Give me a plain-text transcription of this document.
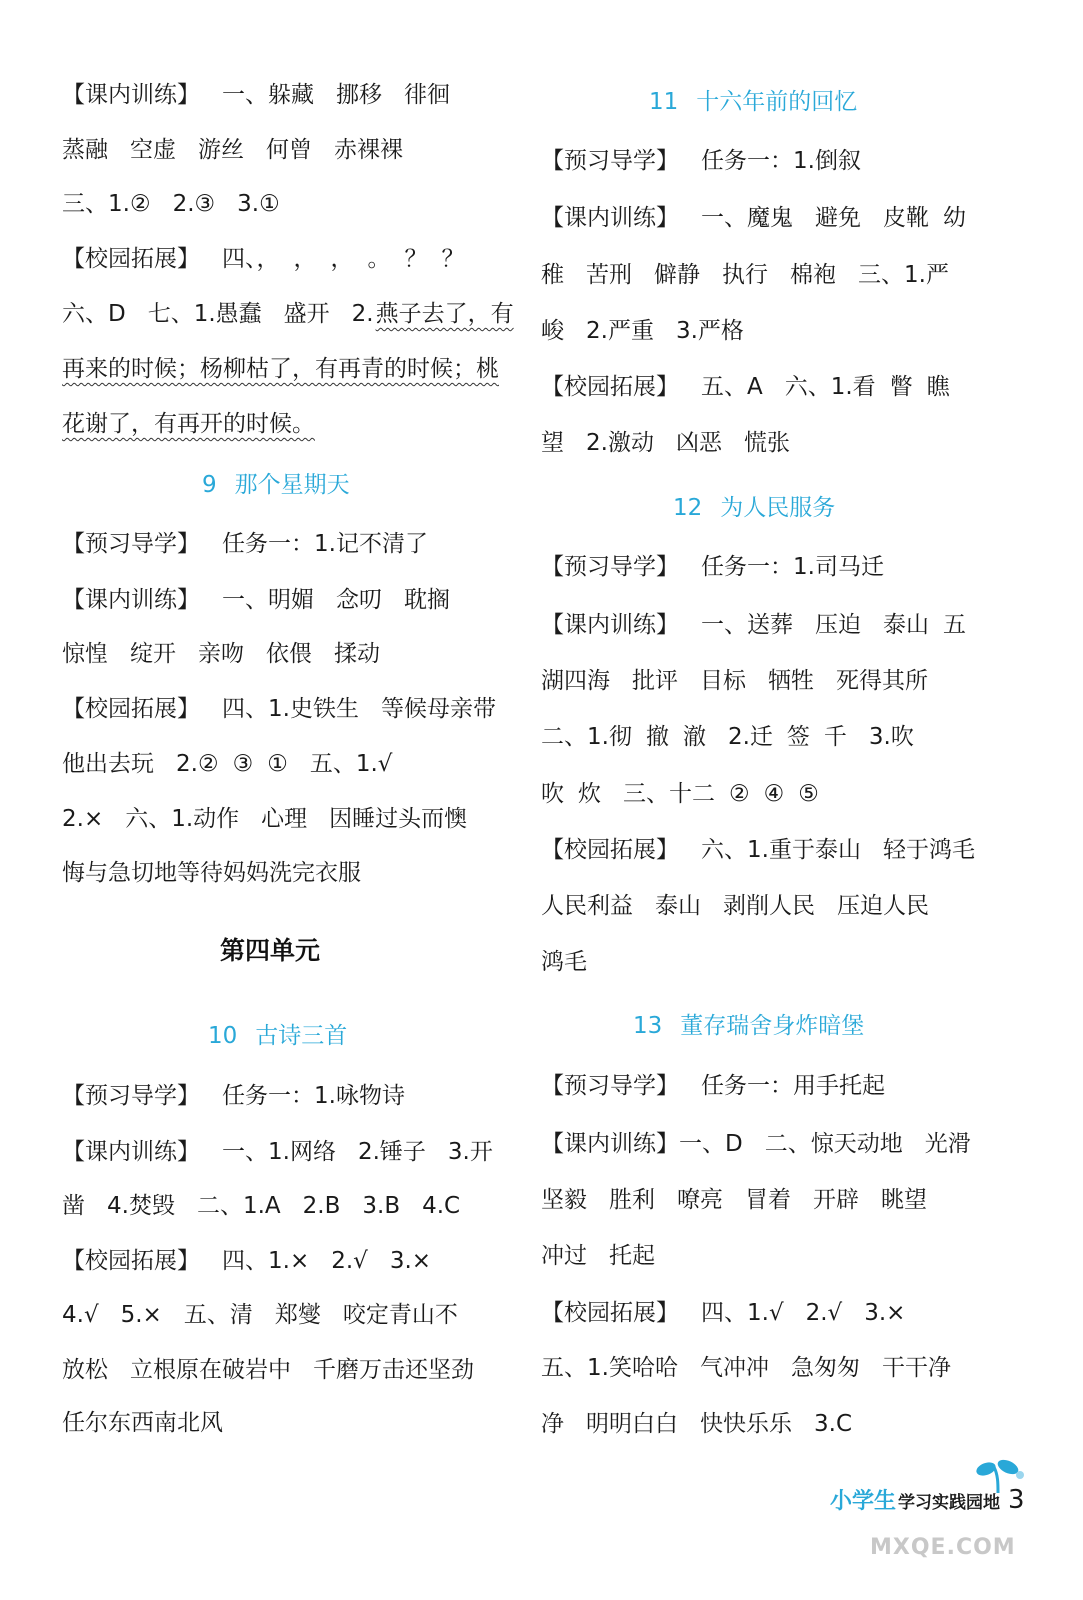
【课内训练】 一、躲藏 挪移 徘徊
蒸融 空虚 游丝 何曾 赤裸裸
三、1.② 2.③ 3.①
【校园拓展】 四、， ， ， 。 ？ ？
六、D 七、1.愚蠢 盛开 2.燕子去了，有
再来的时候；杨柳枯了，有再青的时候；桃
花谢了，有再开的时候。
9 那个星期天
【预习导学】 任务一：1.记不清了
【课内训练】 一、明媚 念叨 耽搁
惊惶 绽开 亲吻 依偎 揉动
【校园拓展】 四、1.史铁生 等候母亲带
他出去玩 2.② ③ ① 五、1.√
2.× 六、1.动作 心理 因睡过头而懊
悔与急切地等待妈妈洗完衣服
第四单元
10 古诗三首
【预习导学】 任务一：1.咏物诗
【课内训练】 一、1.网络 2.锤子 3.开
凿 4.焚毁 二、1.A 2.B 3.B 4.C
【校园拓展】 四、1.× 2.√ 3.×
4.√ 5.× 五、清 郑燮 咬定青山不
放松 立根原在破岩中 千磨万击还坚劲
任尔东西南北风
11 十六年前的回忆
【预习导学】 任务一：1.倒叙
【课内训练】 一、魔鬼 避免 皮靴 幼
稚 苦刑 僻静 执行 棉袍 三、1.严
峻 2.严重 3.严格
【校园拓展】 五、A 六、1.看 瞥 瞧
望 2.激动 凶恶 慌张
12 为人民服务
【预习导学】 任务一：1.司马迁
【课内训练】 一、送葬 压迫 泰山 五
湖四海 批评 目标 牺牲 死得其所
二、1.彻 撤 澈 2.迁 签 千 3.吹
吹 炊 三、十二 ② ④ ⑤
【校园拓展】 六、1.重于泰山 轻于鸿毛
人民利益 泰山 剥削人民 压迫人民
鸿毛
13 董存瑞舍身炸暗堡
【预习导学】 任务一：用手托起
【课内训练】一、D 二、惊天动地 光滑
坚毅 胜利 嘹亮 冒着 开辟 眺望
冲过 托起
【校园拓展】 四、1.√ 2.√ 3.×
五、1.笑哈哈 气冲冲 急匆匆 干干净
净 明明白白 快快乐乐 3.C
小学生 学习实践园地 3
MXQE.COM
